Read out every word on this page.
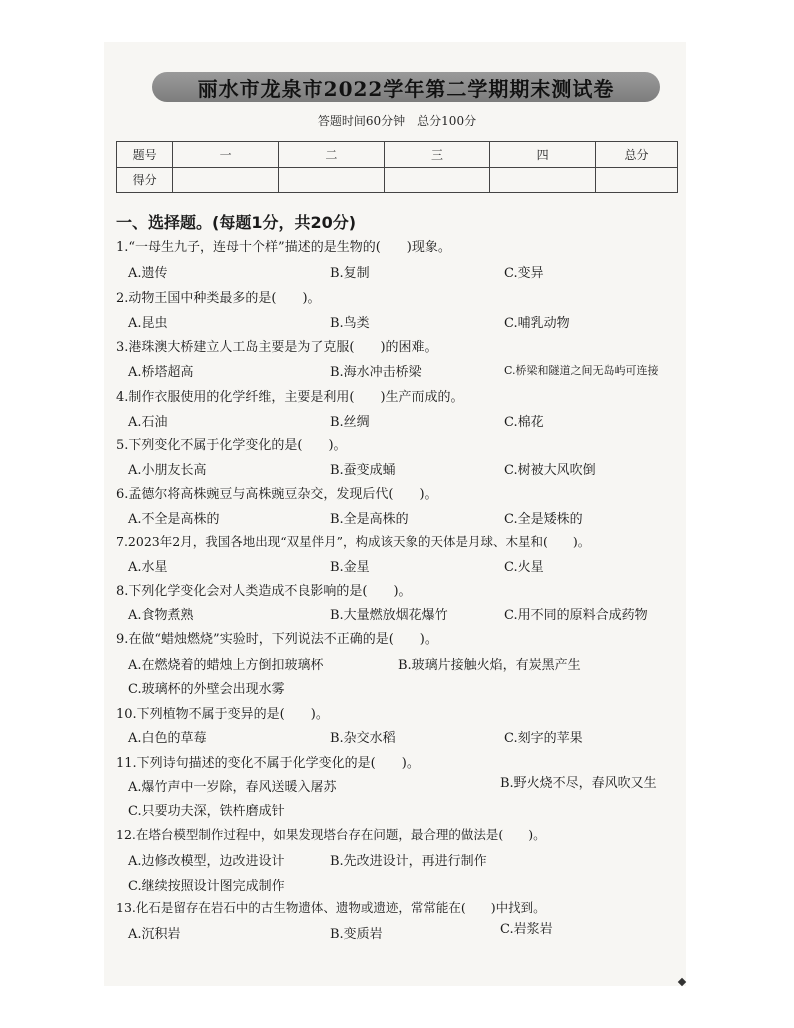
丽水市龙泉市2022学年第二学期期末测试卷
答题时间60分钟　总分100分
题号	一	二	三	四	总分
得分					
一、选择题。(每题1分，共20分)
1.“一母生九子，连母十个样”描述的是生物的(　　)现象。
A.遗传	B.复制	C.变异
2.动物王国中种类最多的是(　　)。
A.昆虫	B.鸟类	C.哺乳动物
3.港珠澳大桥建立人工岛主要是为了克服(　　)的困难。
A.桥塔超高	B.海水冲击桥梁	C.桥梁和隧道之间无岛屿可连接
4.制作衣服使用的化学纤维，主要是利用(　　)生产而成的。
A.石油	B.丝绸	C.棉花
5.下列变化不属于化学变化的是(　　)。
A.小朋友长高	B.蚕变成蛹	C.树被大风吹倒
6.孟德尔将高株豌豆与高株豌豆杂交，发现后代(　　)。
A.不全是高株的	B.全是高株的	C.全是矮株的
7.2023年2月，我国各地出现“双星伴月”，构成该天象的天体是月球、木星和(　　)。
A.水星	B.金星	C.火星
8.下列化学变化会对人类造成不良影响的是(　　)。
A.食物煮熟	B.大量燃放烟花爆竹	C.用不同的原料合成药物
9.在做“蜡烛燃烧”实验时，下列说法不正确的是(　　)。
A.在燃烧着的蜡烛上方倒扣玻璃杯	B.玻璃片接触火焰，有炭黑产生
C.玻璃杯的外壁会出现水雾
10.下列植物不属于变异的是(　　)。
A.白色的草莓	B.杂交水稻	C.刻字的苹果
11.下列诗句描述的变化不属于化学变化的是(　　)。
A.爆竹声中一岁除，春风送暖入屠苏	B.野火烧不尽，春风吹又生
C.只要功夫深，铁杵磨成针
12.在塔台模型制作过程中，如果发现塔台存在问题，最合理的做法是(　　)。
A.边修改模型，边改进设计	B.先改进设计，再进行制作
C.继续按照设计图完成制作
13.化石是留存在岩石中的古生物遗体、遗物或遗迹，常常能在(　　)中找到。
A.沉积岩	B.变质岩	C.岩浆岩
